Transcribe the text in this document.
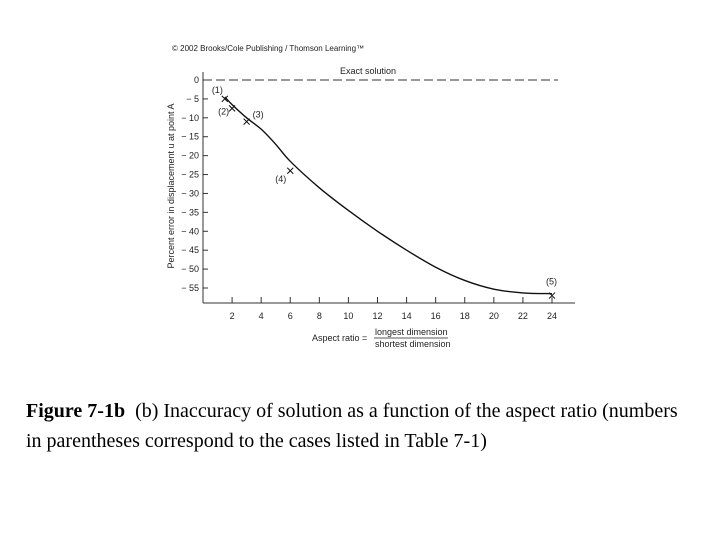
© 2002 Brooks/Cole Publishing / Thomson Learning™
0
− 5
− 10
− 15
− 20
− 25
− 30
− 35
− 40
− 45
− 50
− 55
2	4	6	8 10 12 14 16 18 20 22 24
Exact solution
(1)
(2)	(3)
(4)
(5)
Percent error in displacement u at point A
Aspect ratio =
longest dimension
shortest dimension
Figure 7-1b (b) Inaccuracy of solution as a function of the aspect ratio (numbers in parentheses correspond to the cases listed in Table 7-1)
